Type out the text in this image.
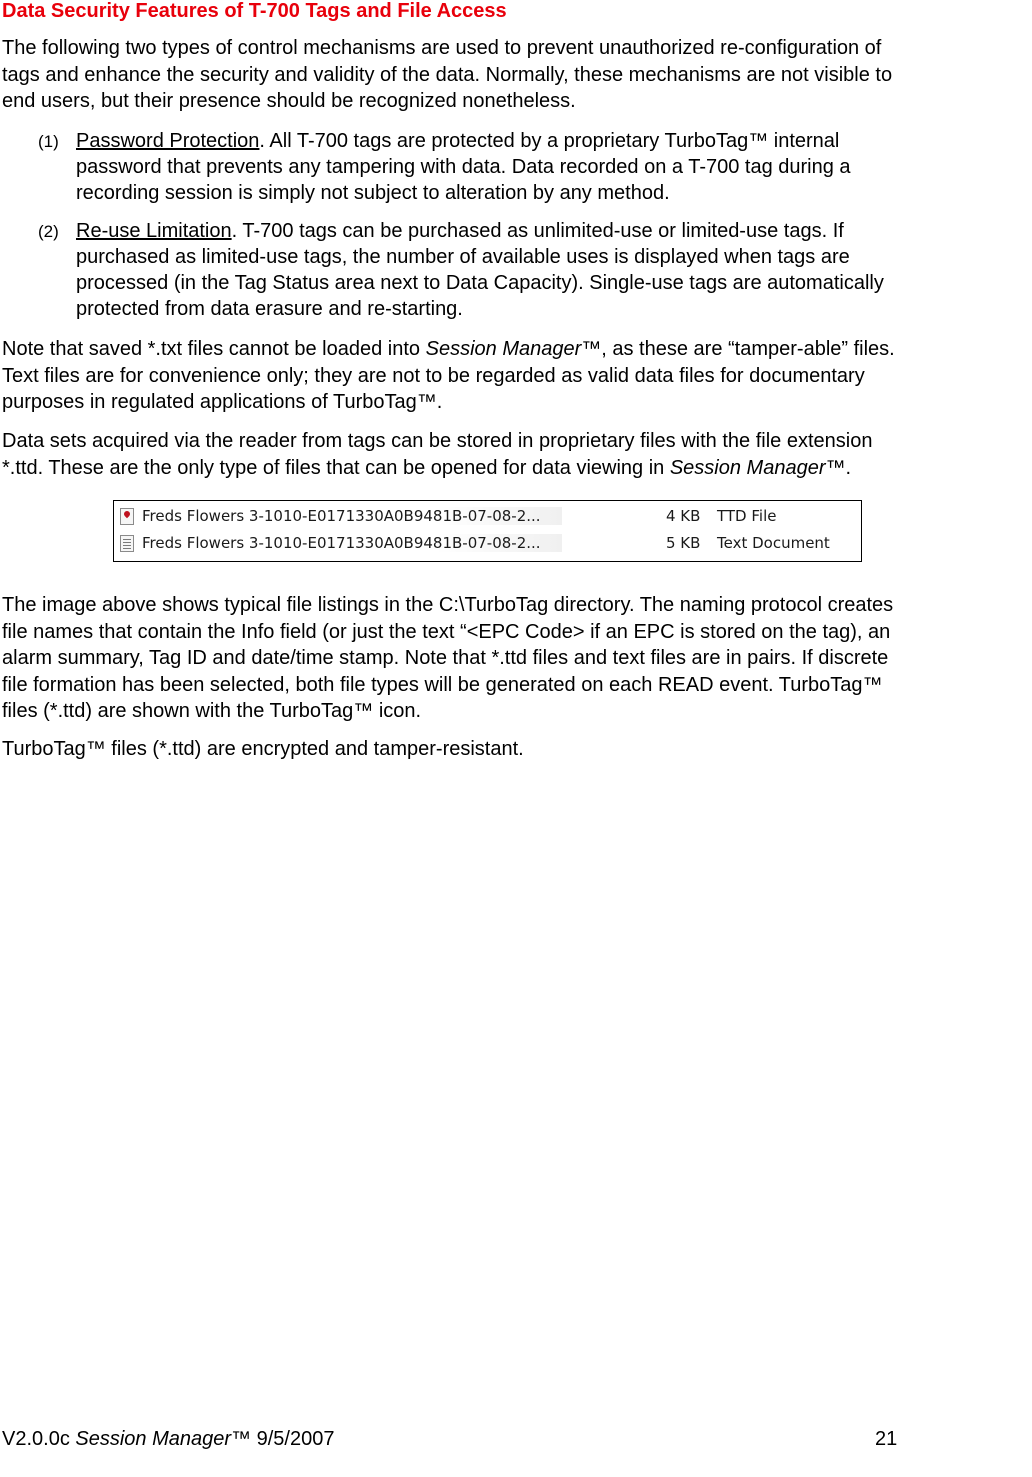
Data Security Features of T-700 Tags and File Access
The following two types of control mechanisms are used to prevent unauthorized re-configuration of
tags and enhance the security and validity of the data. Normally, these mechanisms are not visible to
end users, but their presence should be recognized nonetheless.
(1) Password Protection. All T-700 tags are protected by a proprietary TurboTag™ internal
password that prevents any tampering with data. Data recorded on a T-700 tag during a
recording session is simply not subject to alteration by any method.
(2) Re-use Limitation. T-700 tags can be purchased as unlimited-use or limited-use tags. If
purchased as limited-use tags, the number of available uses is displayed when tags are
processed (in the Tag Status area next to Data Capacity). Single-use tags are automatically
protected from data erasure and re-starting.
Note that saved *.txt files cannot be loaded into Session Manager™, as these are “tamper-able” files.
Text files are for convenience only; they are not to be regarded as valid data files for documentary
purposes in regulated applications of TurboTag™.
Data sets acquired via the reader from tags can be stored in proprietary files with the file extension
*.ttd. These are the only type of files that can be opened for data viewing in Session Manager™.
Freds Flowers 3-1010-E0171330A0B9481B-07-08-2...	4 KB TTD File
Freds Flowers 3-1010-E0171330A0B9481B-07-08-2...	5 KB Text Document
The image above shows typical file listings in the C:\TurboTag directory. The naming protocol creates
file names that contain the Info field (or just the text “<EPC Code> if an EPC is stored on the tag), an
alarm summary, Tag ID and date/time stamp. Note that *.ttd files and text files are in pairs. If discrete
file formation has been selected, both file types will be generated on each READ event. TurboTag™
files (*.ttd) are shown with the TurboTag™ icon.
TurboTag™ files (*.ttd) are encrypted and tamper-resistant.
V2.0.0c Session Manager™ 9/5/2007	21
